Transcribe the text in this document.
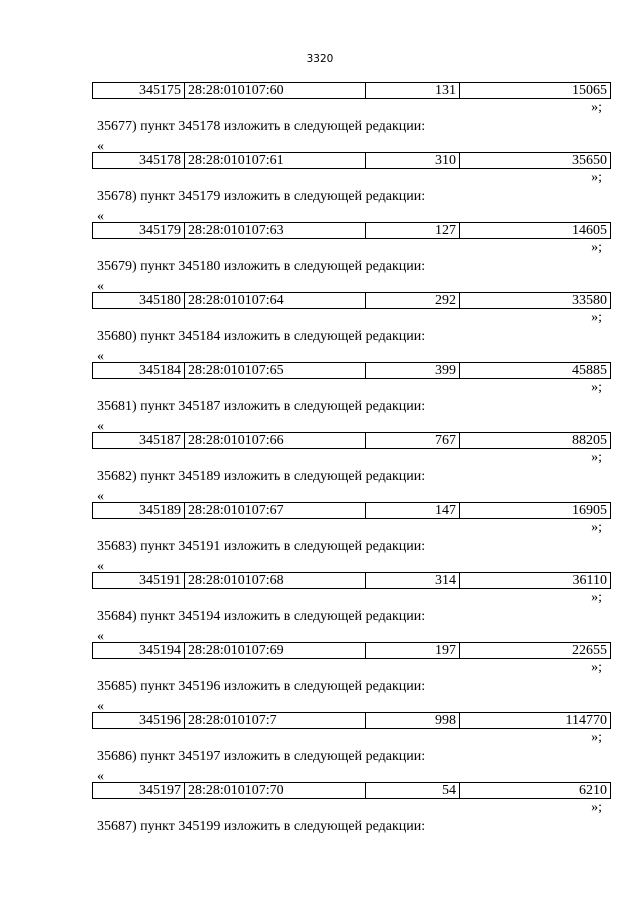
3320
345175 28:28:010107:60	131	15065
»;
35677) пункт 345178 изложить в следующей редакции:
«
345178 28:28:010107:61	310	35650
»;
35678) пункт 345179 изложить в следующей редакции:
«
345179 28:28:010107:63	127	14605
»;
35679) пункт 345180 изложить в следующей редакции:
«
345180 28:28:010107:64	292	33580
»;
35680) пункт 345184 изложить в следующей редакции:
«
345184 28:28:010107:65	399	45885
»;
35681) пункт 345187 изложить в следующей редакции:
«
345187 28:28:010107:66	767	88205
»;
35682) пункт 345189 изложить в следующей редакции:
«
345189 28:28:010107:67	147	16905
»;
35683) пункт 345191 изложить в следующей редакции:
«
345191 28:28:010107:68	314	36110
»;
35684) пункт 345194 изложить в следующей редакции:
«
345194 28:28:010107:69	197	22655
»;
35685) пункт 345196 изложить в следующей редакции:
«
345196 28:28:010107:7	998	114770
»;
35686) пункт 345197 изложить в следующей редакции:
«
345197 28:28:010107:70	54	6210
»;
35687) пункт 345199 изложить в следующей редакции:
